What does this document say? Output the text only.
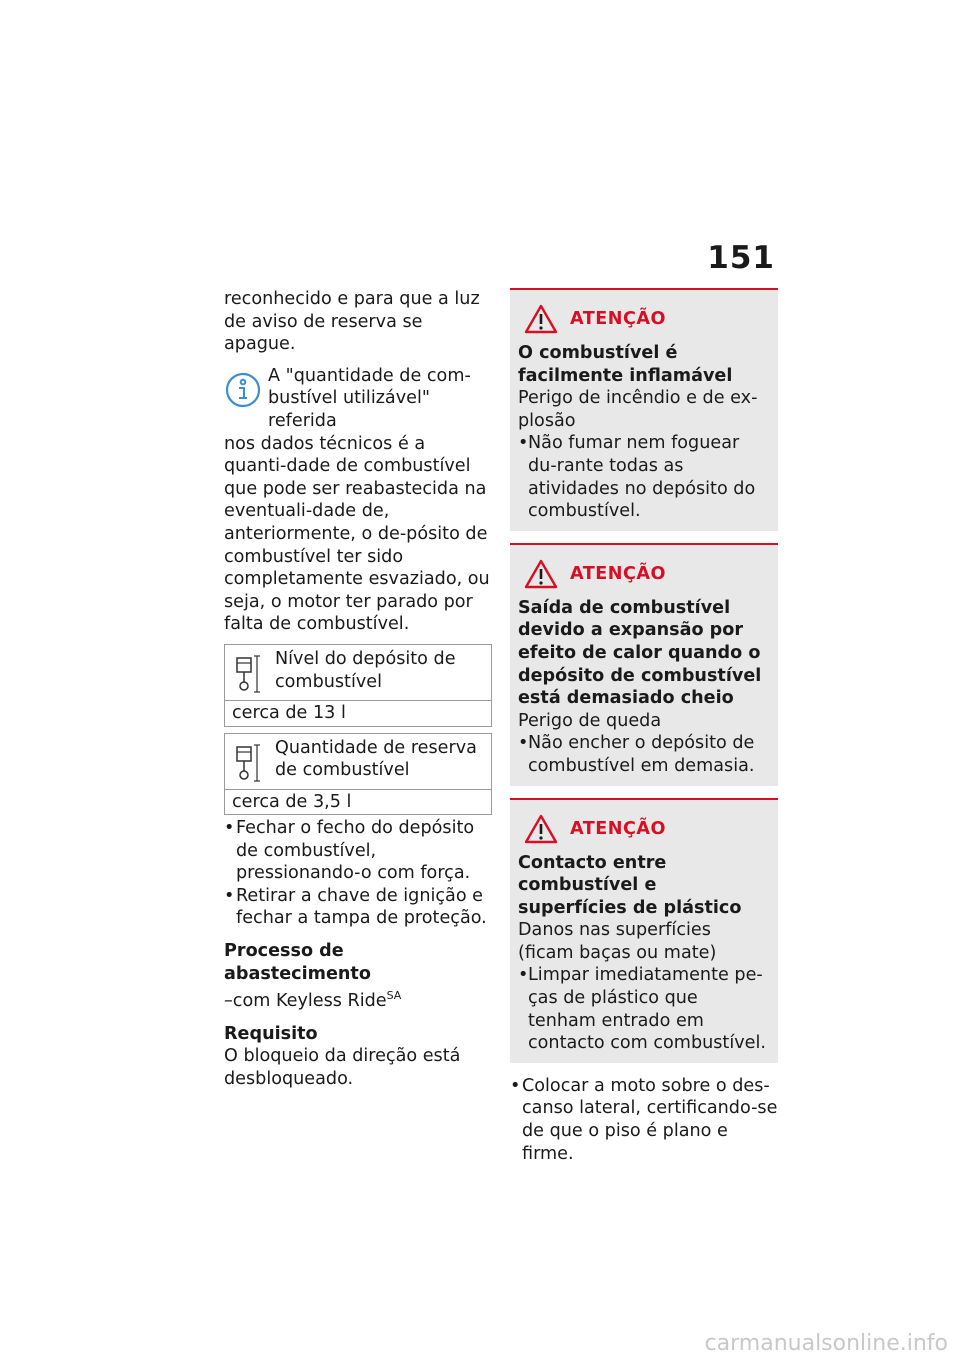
151

reconhecido e para que a luz de aviso de reserva se apague.

A "quantidade de com-bustível utilizável" referida

nos dados técnicos é a quanti-dade de combustível que pode ser reabastecida na eventuali-dade de, anteriormente, o de-pósito de combustível ter sido completamente esvaziado, ou seja, o motor ter parado por falta de combustível.

Nível do depósito de combustível
cerca de 13 l
Quantidade de reserva de combustível
cerca de 3,5 l
• Fechar o fecho do depósito de combustível, pressionando-o com força.
• Retirar a chave de ignição e fechar a tampa de proteção.

Processo de abastecimento

–com Keyless Ride$^{SA}$

Requisito

O bloqueio da direção está desbloqueado.

ATENÇÃO

O combustível é facilmente inflamável

Perigo de incêndio e de ex-plosão

• Não fumar nem foguear du-rante todas as atividades no depósito do combustível.
ATENÇÃO

Saída de combustível devido a expansão por efeito de calor quando o depósito de combustível está demasiado cheio

Perigo de queda

• Não encher o depósito de combustível em demasia.
ATENÇÃO

Contacto entre combustível e superfícies de plástico

Danos nas superfícies (ficam baças ou mate)

• Limpar imediatamente pe-ças de plástico que tenham entrado em contacto com combustível.
• Colocar a moto sobre o des-canso lateral, certificando-se de que o piso é plano e firme.
carmanualsonline.info
